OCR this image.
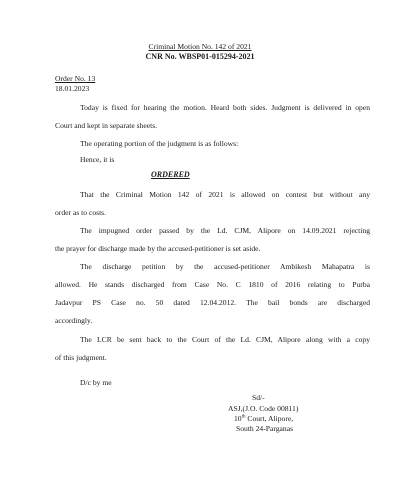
Criminal Motion No. 142 of 2021
CNR No. WBSP01-015294-2021
Order No. 13
18.01.2023
Today is fixed for hearing the motion. Heard both sides. Judgment is delivered in open
Court and kept in separate sheets.
The operating portion of the judgment is as follows:
Hence, it is
ORDERED
That the Criminal Motion 142 of 2021 is allowed on contest but without any
order as to costs.
The impugned order passed by the Ld. CJM, Alipore on 14.09.2021 rejecting
the prayer for discharge made by the accused-petitioner is set aside.
The discharge petition by the accused-petitioner Ambikesh Mahapatra is
allowed. He stands discharged from Case No. C 1810 of 2016 relating to Purba
Jadavpur PS Case no. 50 dated 12.04.2012. The bail bonds are discharged
accordingly.
The LCR be sent back to the Court of the Ld. CJM, Alipore along with a copy
of this judgment.
D/c by me
Sd/-
ASJ,(J.O. Code 00811)
10th Court, Alipore,
South 24-Parganas
